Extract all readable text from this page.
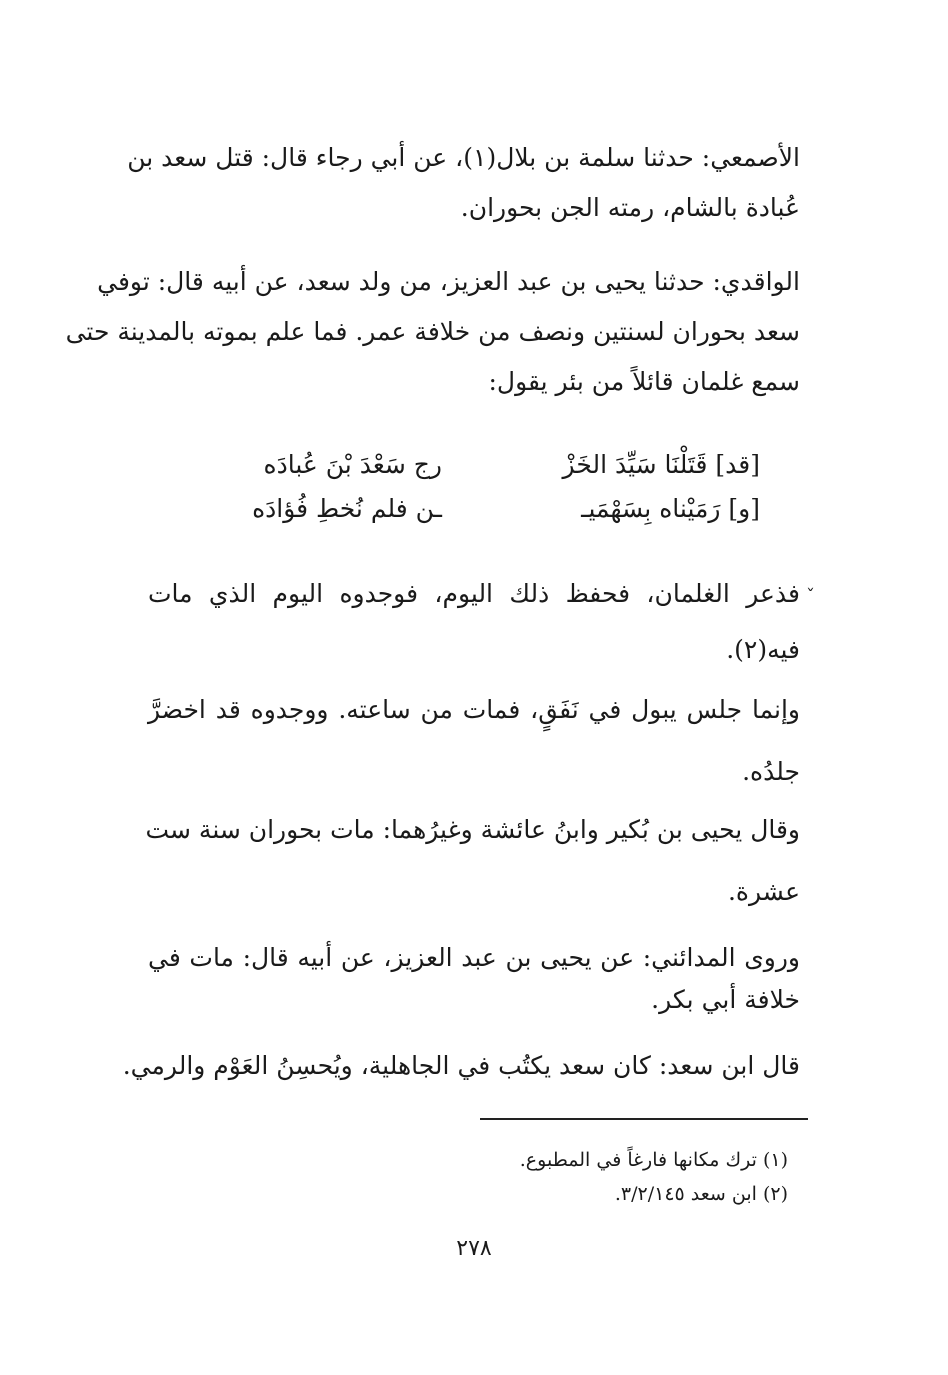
الأصمعي: حدثنا سلمة بن بلال(١)، عن أبي رجاء قال: قتل سعد بن
عُبادة بالشام، رمته الجن بحوران.
الواقدي: حدثنا يحيى بن عبد العزيز، من ولد سعد، عن أبيه قال: توفي
سعد بحوران لسنتين ونصف من خلافة عمر. فما علم بموته بالمدينة حتى
سمع غلمان قائلاً من بئر يقول:
[قد] قَتَلْنَا سَيِّدَ الخَزْ
رج سَعْدَ بْنَ عُبادَه
[و] رَمَيْناه بِسَهْمَيـ
ـن فلم نُخطِ فُؤادَه
ˇ
فذعر الغلمان، فحفظ ذلك اليوم، فوجدوه اليوم الذي مات
فيه(٢).
وإنما جلس يبول في نَفَقٍ، فمات من ساعته. ووجدوه قد اخضرَّ
جلدُه.
وقال يحيى بن بُكير وابنُ عائشة وغيرُهما: مات بحوران سنة ست
عشرة.
وروى المدائني: عن يحيى بن عبد العزيز، عن أبيه قال: مات في
خلافة أبي بكر.
قال ابن سعد: كان سعد يكتُب في الجاهلية، ويُحسِنُ العَوْم والرمي.
(١) ترك مكانها فارغاً في المطبوع.
(٢) ابن سعد ٣/٢/١٤٥.
٢٧٨
